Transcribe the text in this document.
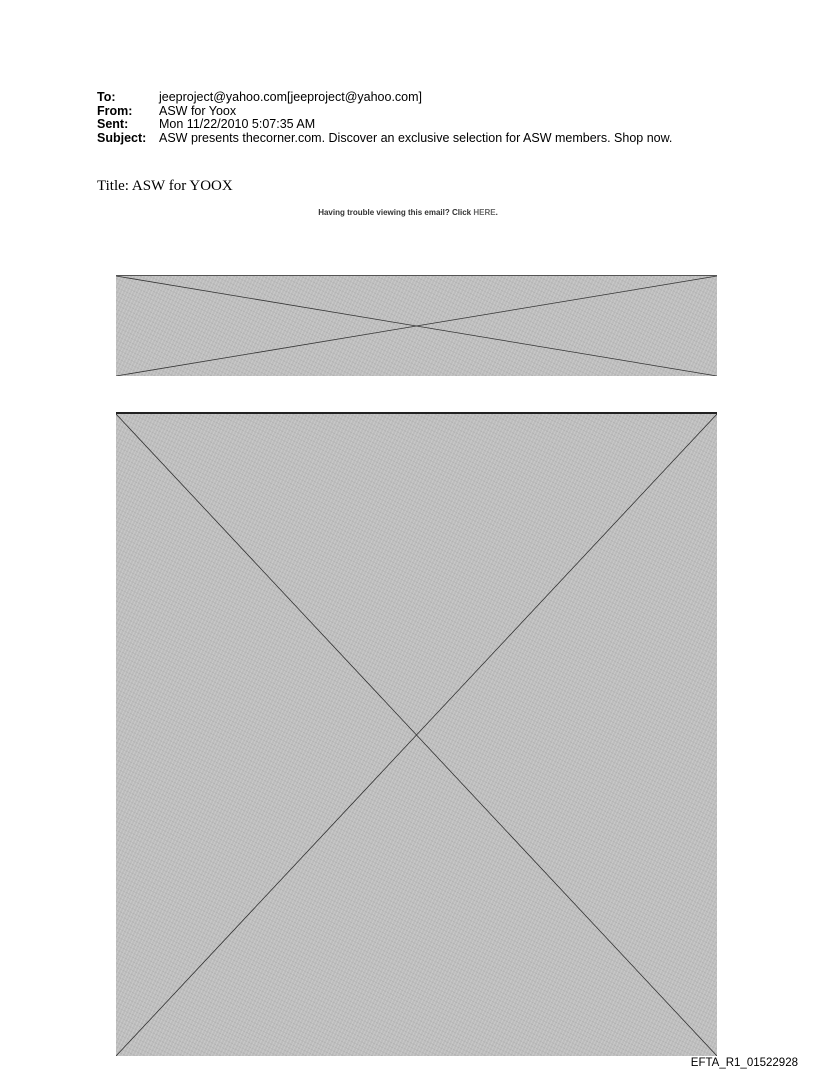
To:	jeeproject@yahoo.com[jeeproject@yahoo.com]
From:	ASW for Yoox
Sent:	Mon 11/22/2010 5:07:35 AM
Subject:	ASW presents thecorner.com. Discover an exclusive selection for ASW members. Shop now.
Title: ASW for YOOX
Having trouble viewing this email? Click HERE.
EFTA_R1_01522928
